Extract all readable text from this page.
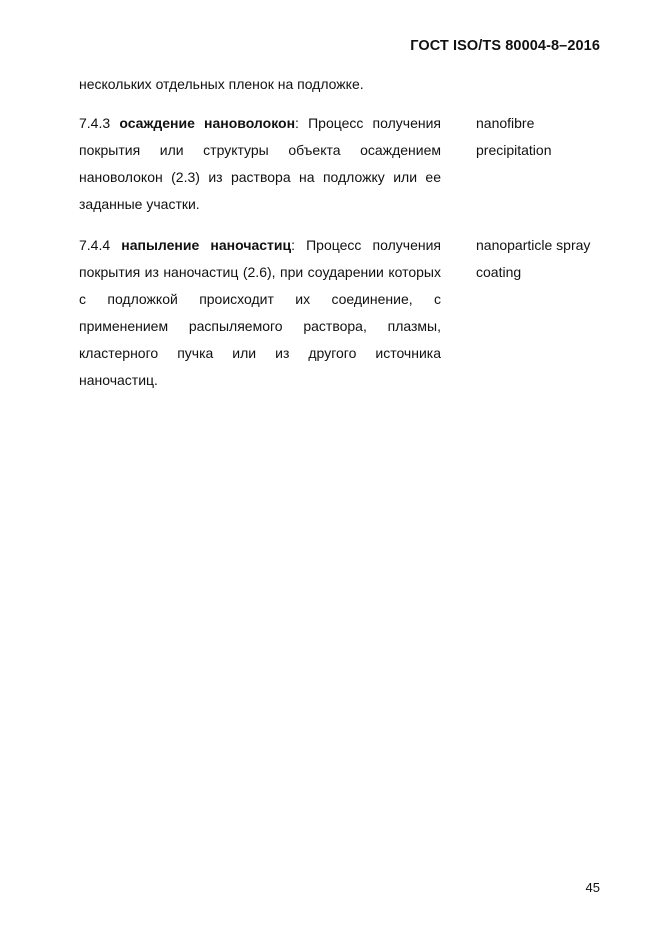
ГОСТ ISO/TS 80004-8–2016
нескольких отдельных пленок на подложке.
7.4.3 осаждение нановолокон: Процесс получения покрытия или структуры объекта осаждением нановолокон (2.3) из раствора на подложку или ее заданные участки.
nanofibre
precipitation
7.4.4 напыление наночастиц: Процесс получения покрытия из наночастиц (2.6), при соударении которых с подложкой происходит их соединение, с применением распыляемого раствора, плазмы, кластерного пучка или из другого источника наночастиц.
nanoparticle spray
coating
45
